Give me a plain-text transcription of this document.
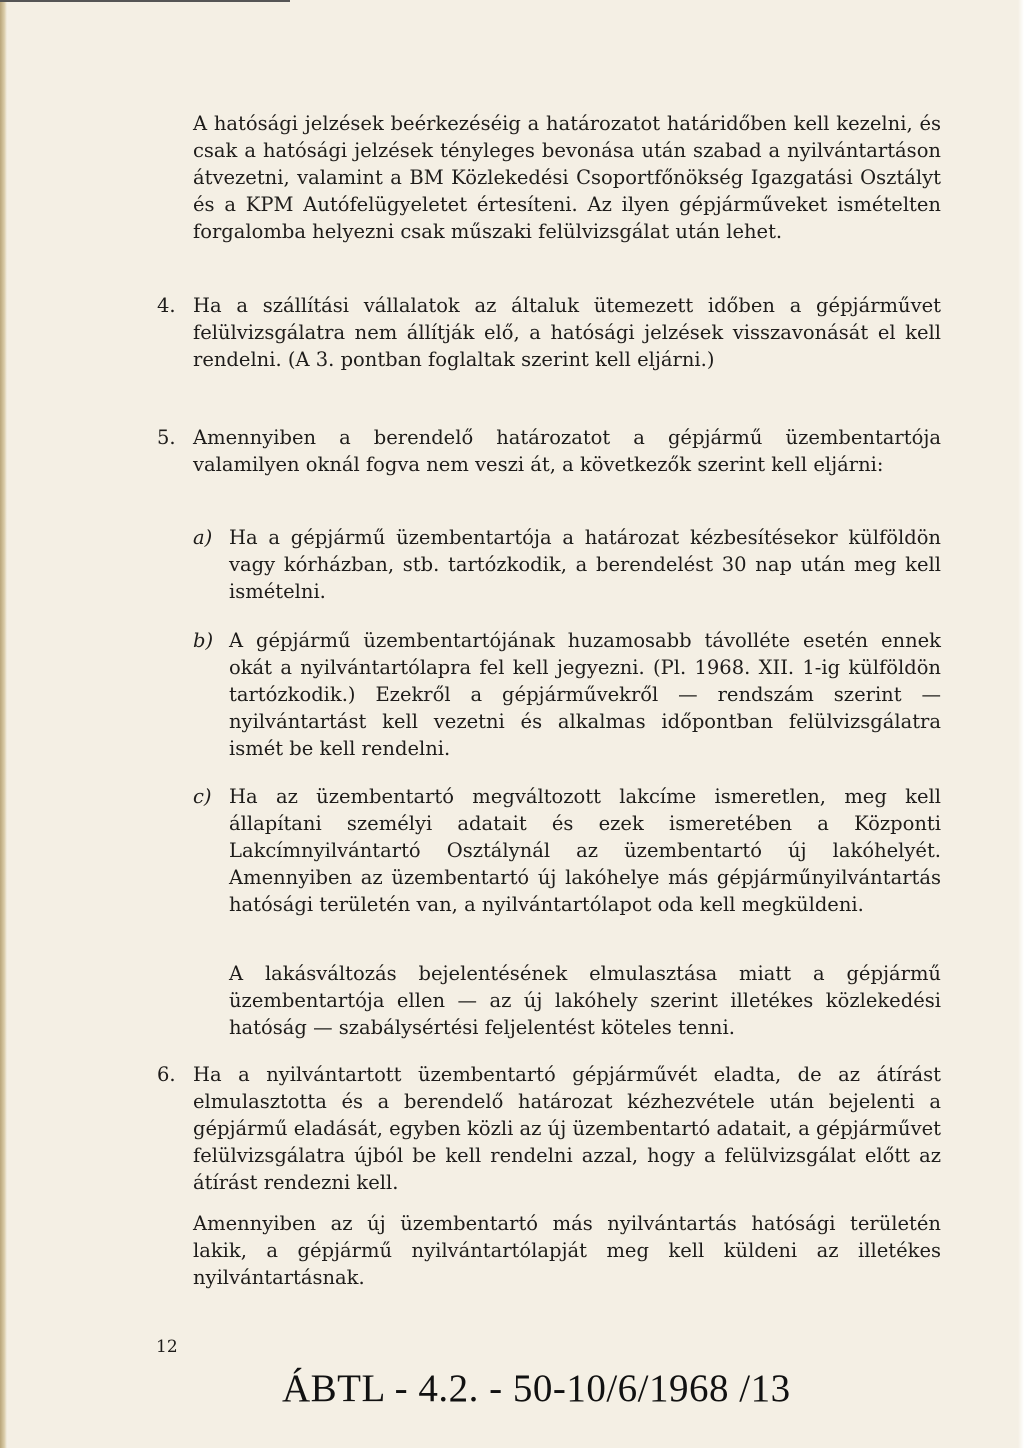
A hatósági jelzések beérkezéséig a határozatot határidőben kell kezelni, és csak a hatósági jelzések tényleges bevonása után szabad a nyilvántartáson átvezetni, valamint a BM Közlekedési Csoportfőnökség Igazgatási Osztályt és a KPM Autófelügyeletet értesíteni. Az ilyen gépjárműveket ismételten forgalomba helyezni csak műszaki felülvizsgálat után lehet.
4. Ha a szállítási vállalatok az általuk ütemezett időben a gépjárművet felülvizsgálatra nem állítják elő, a hatósági jelzések visszavonását el kell rendelni. (A 3. pontban foglaltak szerint kell eljárni.)
5. Amennyiben a berendelő határozatot a gépjármű üzembentartója valamilyen oknál fogva nem veszi át, a következők szerint kell eljárni:
a) Ha a gépjármű üzembentartója a határozat kézbesítésekor külföldön vagy kórházban, stb. tartózkodik, a berendelést 30 nap után meg kell ismételni.
b) A gépjármű üzembentartójának huzamosabb távolléte esetén ennek okát a nyilvántartólapra fel kell jegyezni. (Pl. 1968. XII. 1-ig külföldön tartózkodik.) Ezekről a gépjárművekről — rendszám szerint — nyilvántartást kell vezetni és alkalmas időpontban felülvizsgálatra ismét be kell rendelni.
c) Ha az üzembentartó megváltozott lakcíme ismeretlen, meg kell állapítani személyi adatait és ezek ismeretében a Központi Lakcímnyilvántartó Osztálynál az üzembentartó új lakóhelyét. Amennyiben az üzembentartó új lakóhelye más gépjárműnyilvántartás hatósági területén van, a nyilvántartólapot oda kell megküldeni.
A lakásváltozás bejelentésének elmulasztása miatt a gépjármű üzembentartója ellen — az új lakóhely szerint illetékes közlekedési hatóság — szabálysértési feljelentést köteles tenni.
6. Ha a nyilvántartott üzembentartó gépjárművét eladta, de az átírást elmulasztotta és a berendelő határozat kézhezvétele után bejelenti a gépjármű eladását, egyben közli az új üzembentartó adatait, a gépjárművet felülvizsgálatra újból be kell rendelni azzal, hogy a felülvizsgálat előtt az átírást rendezni kell.
Amennyiben az új üzembentartó más nyilvántartás hatósági területén lakik, a gépjármű nyilvántartólapját meg kell küldeni az illetékes nyilvántartásnak.
12
ÁBTL - 4.2. - 50-10/6/1968 /13
